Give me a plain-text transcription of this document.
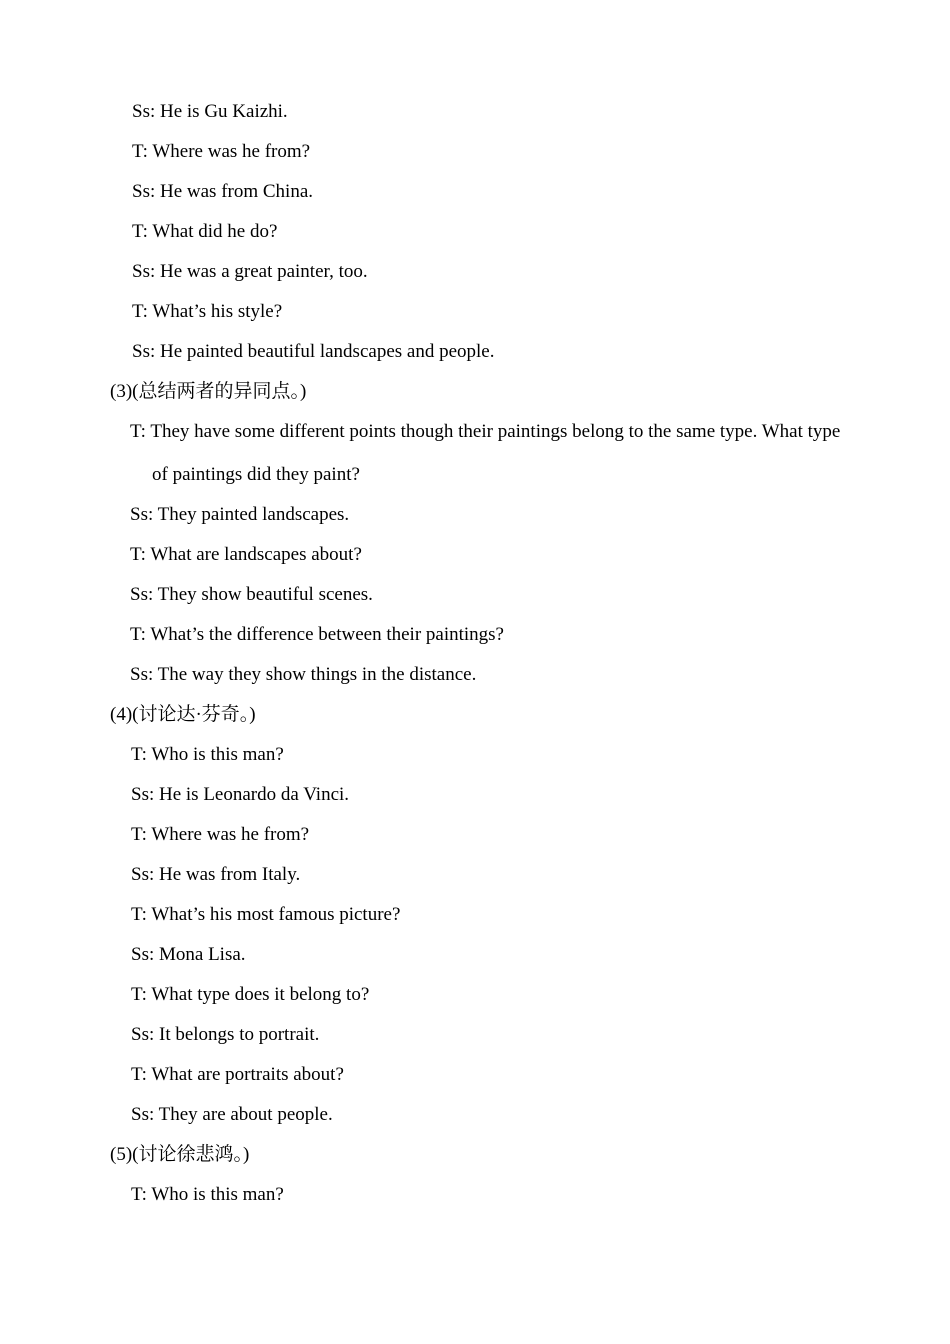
Ss: He is Gu Kaizhi.

T: Where was he from?

Ss: He was from China.

T: What did he do?

Ss: He was a great painter, too.

T: What’s his style?

Ss: He painted beautiful landscapes and people.

(3)(总结两者的异同点。)

T: They have some different points though their paintings belong to the same type. What type

of paintings did they paint?

Ss: They painted landscapes.

T: What are landscapes about?

Ss: They show beautiful scenes.

T: What’s the difference between their paintings?

Ss: The way they show things in the distance.

(4)(讨论达·芬奇。)

T: Who is this man?

Ss: He is Leonardo da Vinci.

T: Where was he from?

Ss: He was from Italy.

T: What’s his most famous picture?

Ss: Mona Lisa.

T: What type does it belong to?

Ss: It belongs to portrait.

T: What are portraits about?

Ss: They are about people.

(5)(讨论徐悲鸿。)

T: Who is this man?
